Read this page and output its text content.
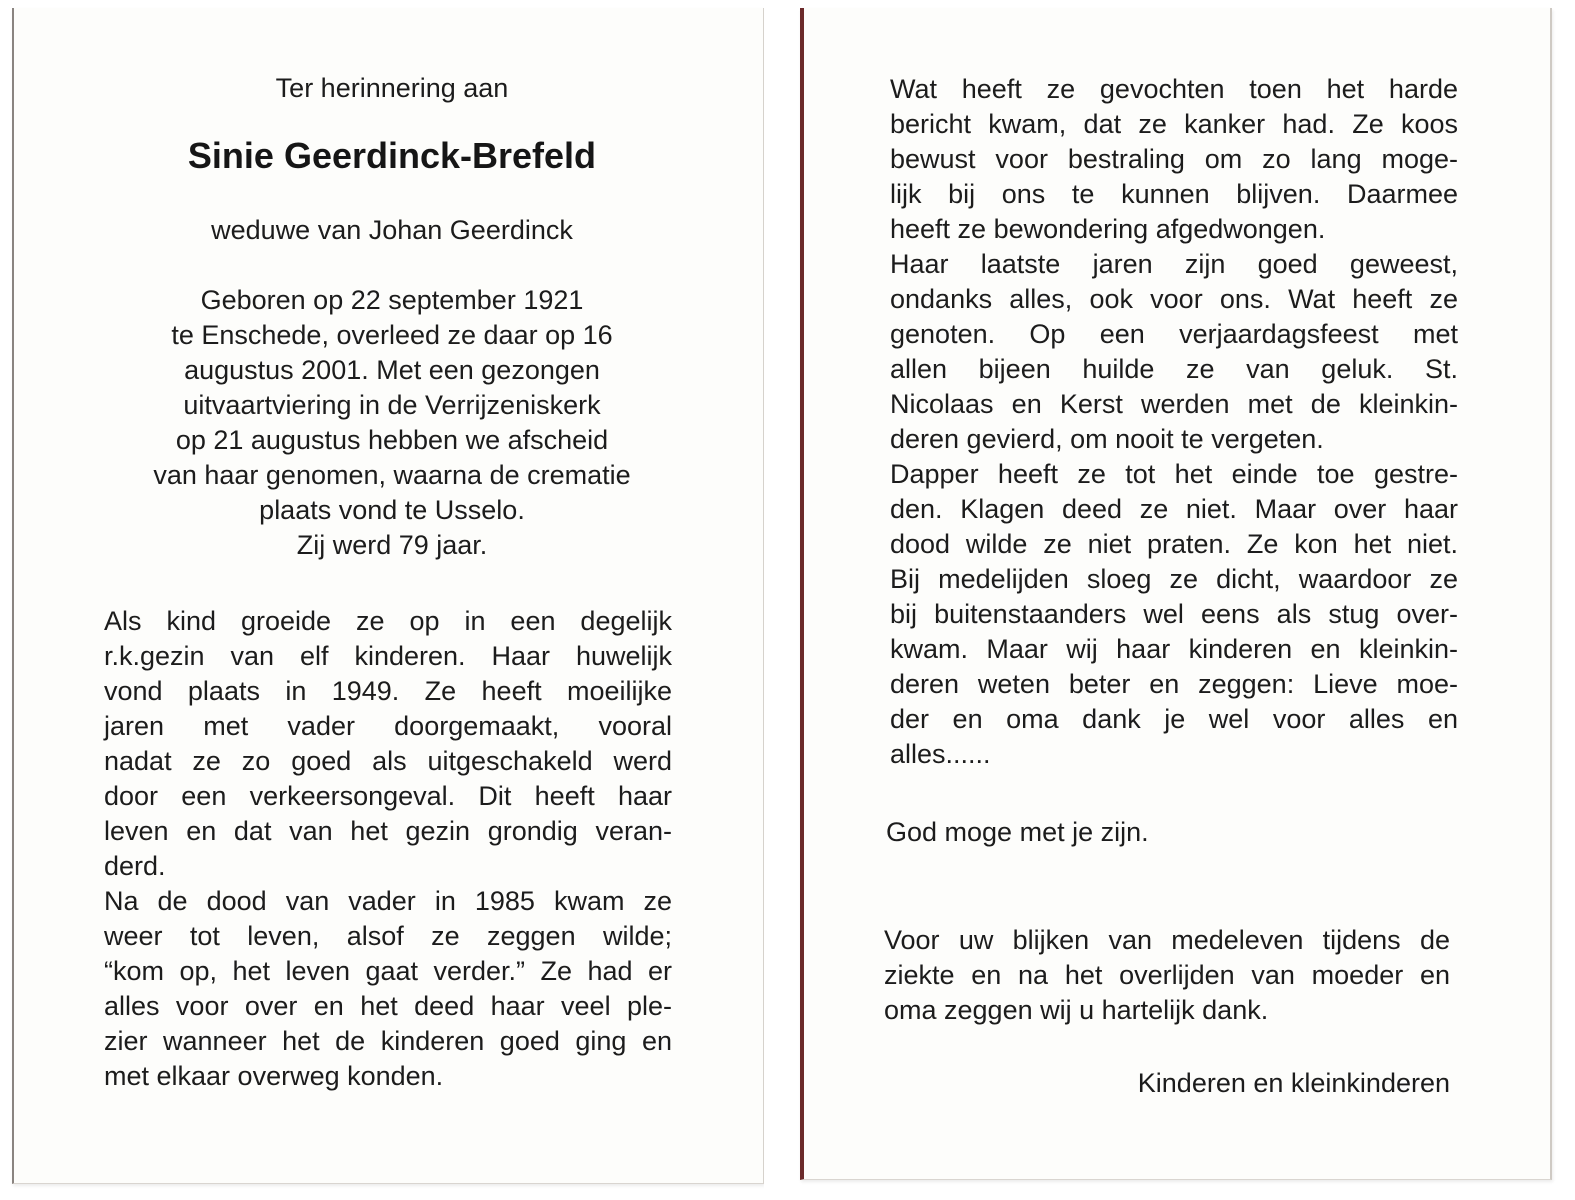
Ter herinnering aan

Sinie Geerdinck-Brefeld

weduwe van Johan Geerdinck

Geboren op 22 september 1921
te Enschede, overleed ze daar op 16
augustus 2001. Met een gezongen
uitvaartviering in de Verrijzeniskerk
op 21 augustus hebben we afscheid
van haar genomen, waarna de crematie
plaats vond te Usselo.
Zij werd 79 jaar.
Als kind groeide ze op in een degelijk
r.k.gezin van elf kinderen. Haar huwelijk
vond plaats in 1949. Ze heeft moeilijke
jaren met vader doorgemaakt, vooral
nadat ze zo goed als uitgeschakeld werd
door een verkeersongeval. Dit heeft haar
leven en dat van het gezin grondig veran-
derd.
Na de dood van vader in 1985 kwam ze
weer tot leven, alsof ze zeggen wilde;
“kom op, het leven gaat verder.” Ze had er
alles voor over en het deed haar veel ple-
zier wanneer het de kinderen goed ging en
met elkaar overweg konden.
Wat heeft ze gevochten toen het harde
bericht kwam, dat ze kanker had. Ze koos
bewust voor bestraling om zo lang moge-
lijk bij ons te kunnen blijven. Daarmee
heeft ze bewondering afgedwongen.
Haar laatste jaren zijn goed geweest,
ondanks alles, ook voor ons. Wat heeft ze
genoten. Op een verjaardagsfeest met
allen bijeen huilde ze van geluk. St.
Nicolaas en Kerst werden met de kleinkin-
deren gevierd, om nooit te vergeten.
Dapper heeft ze tot het einde toe gestre-
den. Klagen deed ze niet. Maar over haar
dood wilde ze niet praten. Ze kon het niet.
Bij medelijden sloeg ze dicht, waardoor ze
bij buitenstaanders wel eens als stug over-
kwam. Maar wij haar kinderen en kleinkin-
deren weten beter en zeggen: Lieve moe-
der en oma dank je wel voor alles en
alles......

God moge met je zijn.

Voor uw blijken van medeleven tijdens de
ziekte en na het overlijden van moeder en
oma zeggen wij u hartelijk dank.

Kinderen en kleinkinderen
